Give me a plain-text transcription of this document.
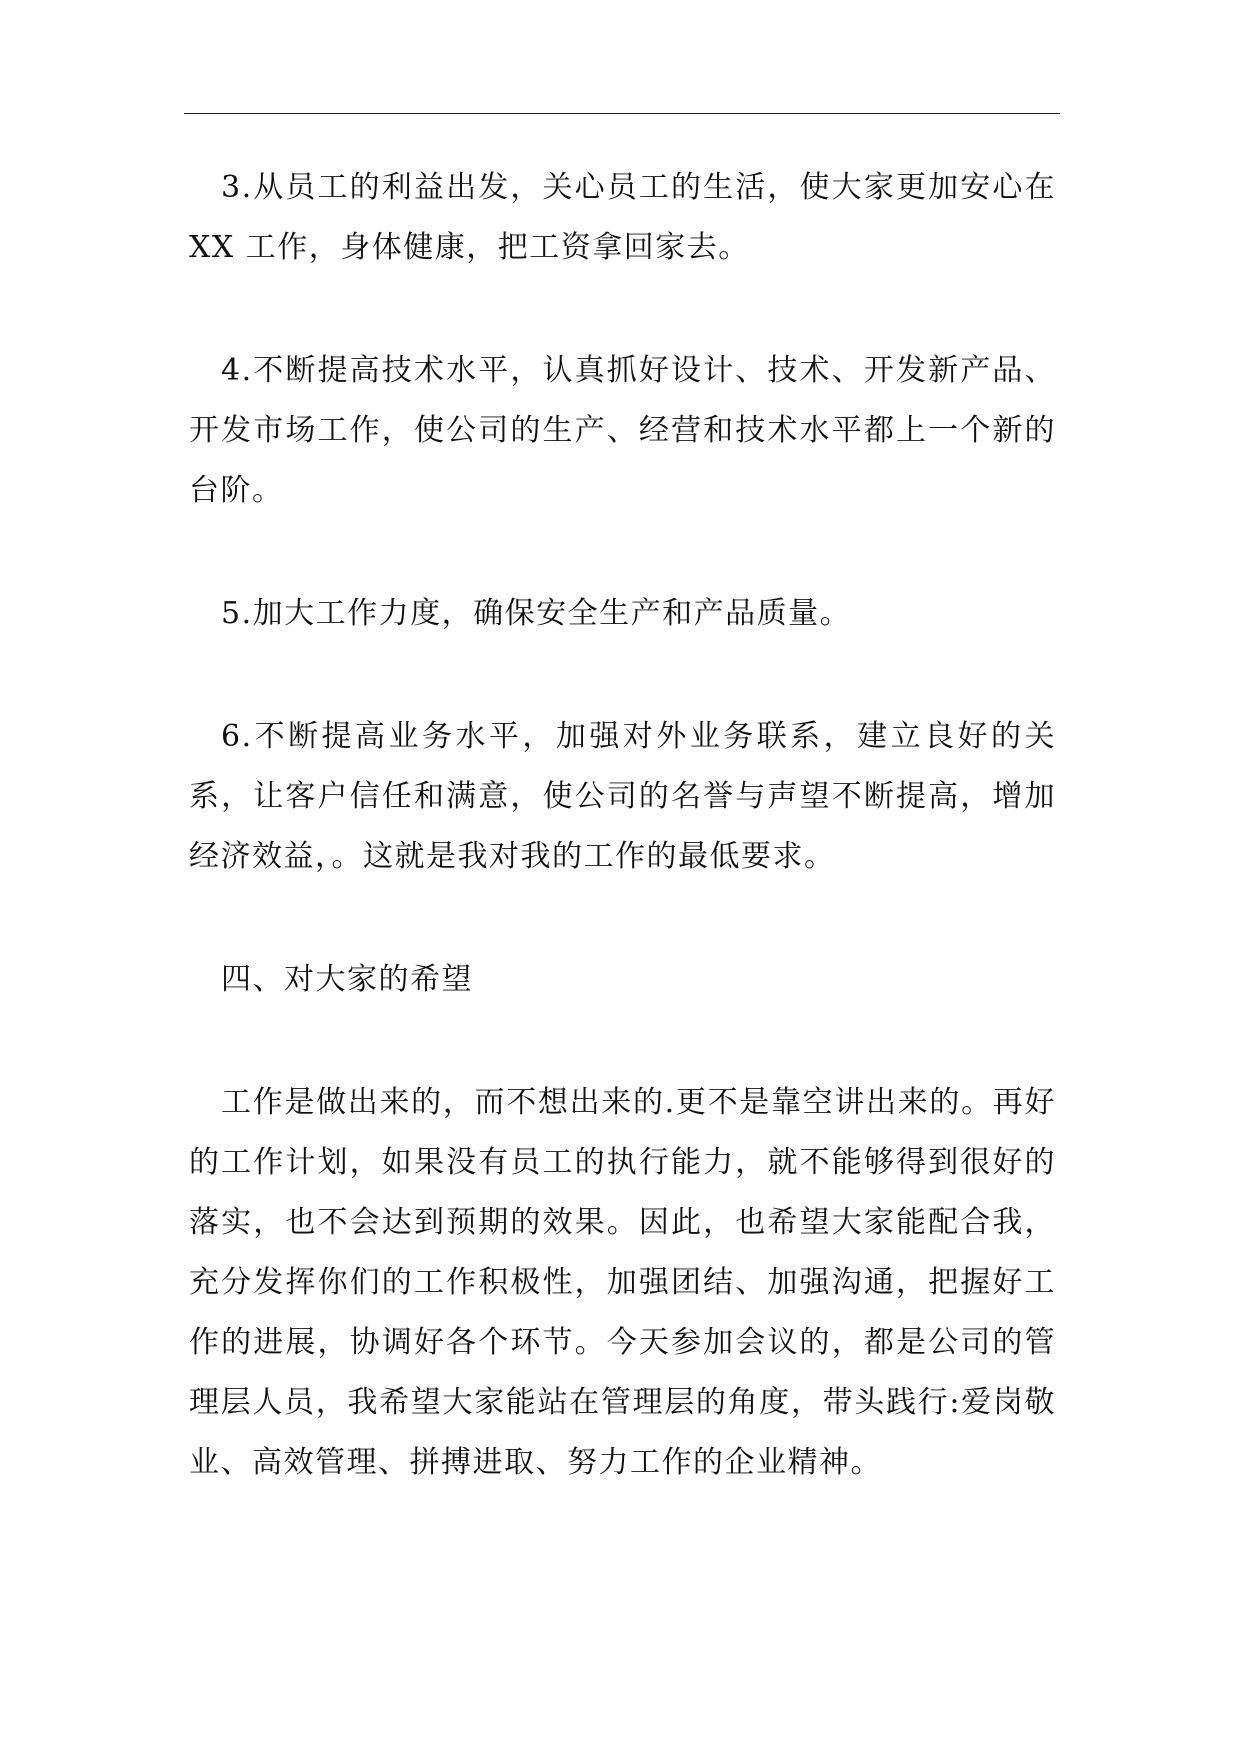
3.从员工的利益出发，关心员工的生活，使大家更加安心在 XX 工作，身体健康，把工资拿回家去。

4.不断提高技术水平，认真抓好设计、技术、开发新产品、开发市场工作，使公司的生产、经营和技术水平都上一个新的台阶。

5.加大工作力度，确保安全生产和产品质量。

6.不断提高业务水平，加强对外业务联系，建立良好的关系，让客户信任和满意，使公司的名誉与声望不断提高，增加经济效益，。这就是我对我的工作的最低要求。

四、对大家的希望

工作是做出来的，而不想出来的.更不是靠空讲出来的。再好的工作计划，如果没有员工的执行能力，就不能够得到很好的落实，也不会达到预期的效果。因此，也希望大家能配合我，充分发挥你们的工作积极性，加强团结、加强沟通，把握好工作的进展，协调好各个环节。今天参加会议的，都是公司的管理层人员，我希望大家能站在管理层的角度，带头践行:爱岗敬业、高效管理、拼搏进取、努力工作的企业精神。
